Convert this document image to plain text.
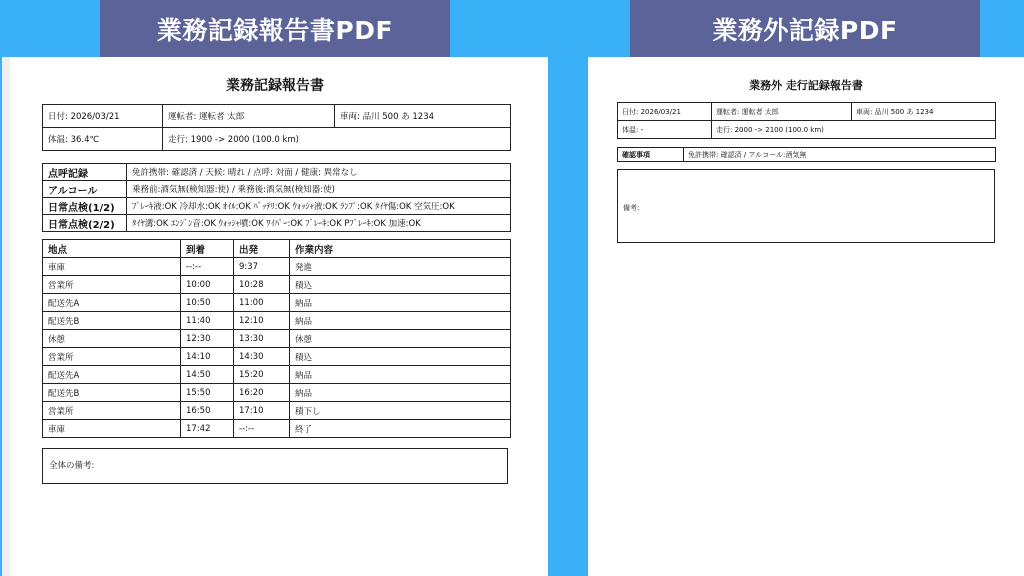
業務記録報告書PDF	業務外記録PDF
業務記録報告書
日付: 2026/03/21	運転者: 運転者 太郎	車両: 品川 500 あ 1234
体温: 36.4℃	走行: 1900 -> 2000 (100.0 km)	
点呼記録	免許携帯: 確認済 / 天候: 晴れ / 点呼: 対面 / 健康: 異常なし
アルコール	乗務前:酒気無(検知器:使) / 乗務後:酒気無(検知器:使)
日常点検(1/2)	ﾌﾞﾚｰｷ液:OK 冷却水:OK ｵｲﾙ:OK ﾊﾞｯﾃﾘ:OK ｳｫｯｼｬ液:OK ﾗﾝﾌﾟ:OK ﾀｲﾔ傷:OK 空気圧:OK
日常点検(2/2)	ﾀｲﾔ溝:OK ｴﾝｼﾞﾝ音:OK ｳｫｯｼｬ噴:OK ﾜｲﾊﾟｰ:OK ﾌﾞﾚｰｷ:OK Pﾌﾞﾚｰｷ:OK 加速:OK
地点	到着	出発	作業内容
車庫	--:--	9:37	発進
営業所	10:00	10:28	積込
配送先A	10:50	11:00	納品
配送先B	11:40	12:10	納品
休憩	12:30	13:30	休憩
営業所	14:10	14:30	積込
配送先A	14:50	15:20	納品
配送先B	15:50	16:20	納品
営業所	16:50	17:10	積下し
車庫	17:42	--:--	終了
全体の備考:
業務外 走行記録報告書
日付: 2026/03/21	運転者: 運転者 太郎	車両: 品川 500 あ 1234
体温: -	走行: 2000 -> 2100 (100.0 km)	
確認事項	免許携帯: 確認済 / アルコール:酒気無
備考:
